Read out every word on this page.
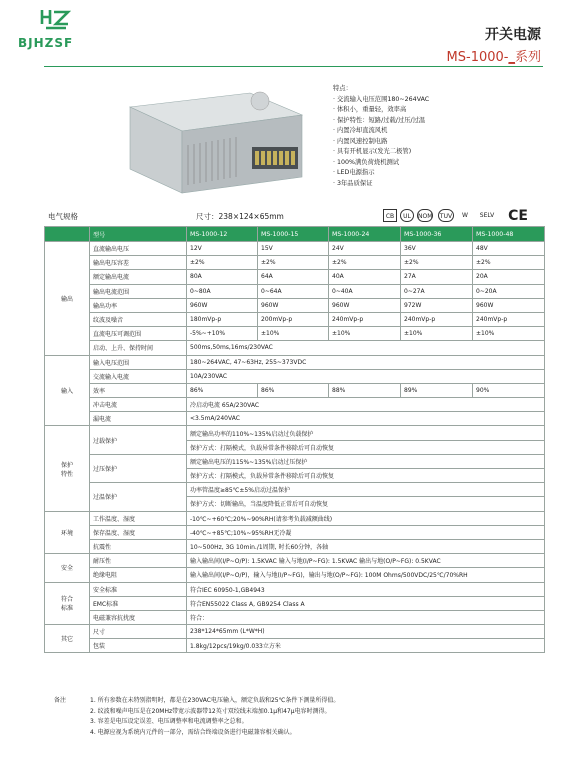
BJHZSF	开关电源
MS-1000-_系列
特点：
· 交流输入电压范围180~264VAC
· 体积小，重量轻，效率高
· 保护特性：短路/过载/过压/过温
· 内置冷却直流风机
· 内置风速控制电路
· 具有开机显示(发光二极管)
· 100%满负荷烧机测试
· LED电源指示
· 3年品质保证
电气规格	尺寸：238×124×65mm	CB	UL	NOM	TUV	W	SELV CE
	型号	MS-1000-12	MS-1000-15	MS-1000-24	MS-1000-36	MS-1000-48
输出	直流输出电压	12V	15V	24V	36V	48V
	输出电压容差	±2%	±2%	±2%	±2%	±2%
	额定输出电流	80A	64A	40A	27A	20A
	输出电流范围	0~80A	0~64A	0~40A	0~27A	0~20A
	输出功率	960W	960W	960W	972W	960W
	纹波及噪音	180mVp-p	200mVp-p	240mVp-p	240mVp-p	240mVp-p
	直流电压可调范围	-5%~+10%	±10%	±10%	±10%	±10%
	启动、上升、保持时间	500ms,50ms,16ms/230VAC				
输入	输入电压范围	180~264VAC, 47~63Hz, 255~373VDC				
	交流输入电流	10A/230VAC				
	效率	86%	86%	88%	89%	90%
	冲击电流	冷启动电流 65A/230VAC				
	漏电流	<3.5mA/240VAC				
保护
特性	过载保护	额定输出功率的110%~135%启动过负载保护				
		保护方式：打隔模式，负载异常条件移除后可自动恢复				
	过压保护	额定输出电压的115%~135%启动过压保护				
		保护方式：打隔模式，负载异常条件移除后可自动恢复				
	过温保护	功率管温度≥85℃±5%启动过温保护				
		保护方式：切断输出，当温度降低正常后可自动恢复				
环境	工作温度、湿度	-10℃~+60℃;20%~90%RH(请参考负载减额曲线)				
	保存温度、湿度	-40℃~+85℃;10%~95%RH无冷凝				
	抗震性	10~500Hz, 3G 10min./1周期, 时长60分钟，各轴				
安全	耐压性	输入输出间(I/P~O/P): 1.5KVAC 输入与地(I/P~FG): 1.5KVAC 输出与地(O/P~FG): 0.5KVAC				
	绝缘电阻	输入输出间(I/P~O/P)，输入与地(I/P~FG)，输出与地(O/P~FG): 100M Ohms/500VDC/25℃/70%RH				
符合
标准	安全标准	符合IEC 60950-1,GB4943				
	EMC标准	符合EN55022 Class A, GB9254 Class A				
	电磁兼容抗扰度	符合：				
其它	尺寸	238*124*65mm (L*W*H)				
	包装	1.8kg/12pcs/19kg/0.033立方米				
备注	1. 所有参数在未特别指明时，都是在230VAC电压输入，额定负载和25℃条件下测量所得值。
2. 纹波和噪声电压是在20MHz带宽示波器带12英寸双绞线末端加0.1μ和47μ电容时测得。
3. 容差是电压设定误差、电压调整率和电流调整率之总和。
4. 电源应视为系统内元件的一部分，需结合终端设备进行电磁兼容相关确认。
